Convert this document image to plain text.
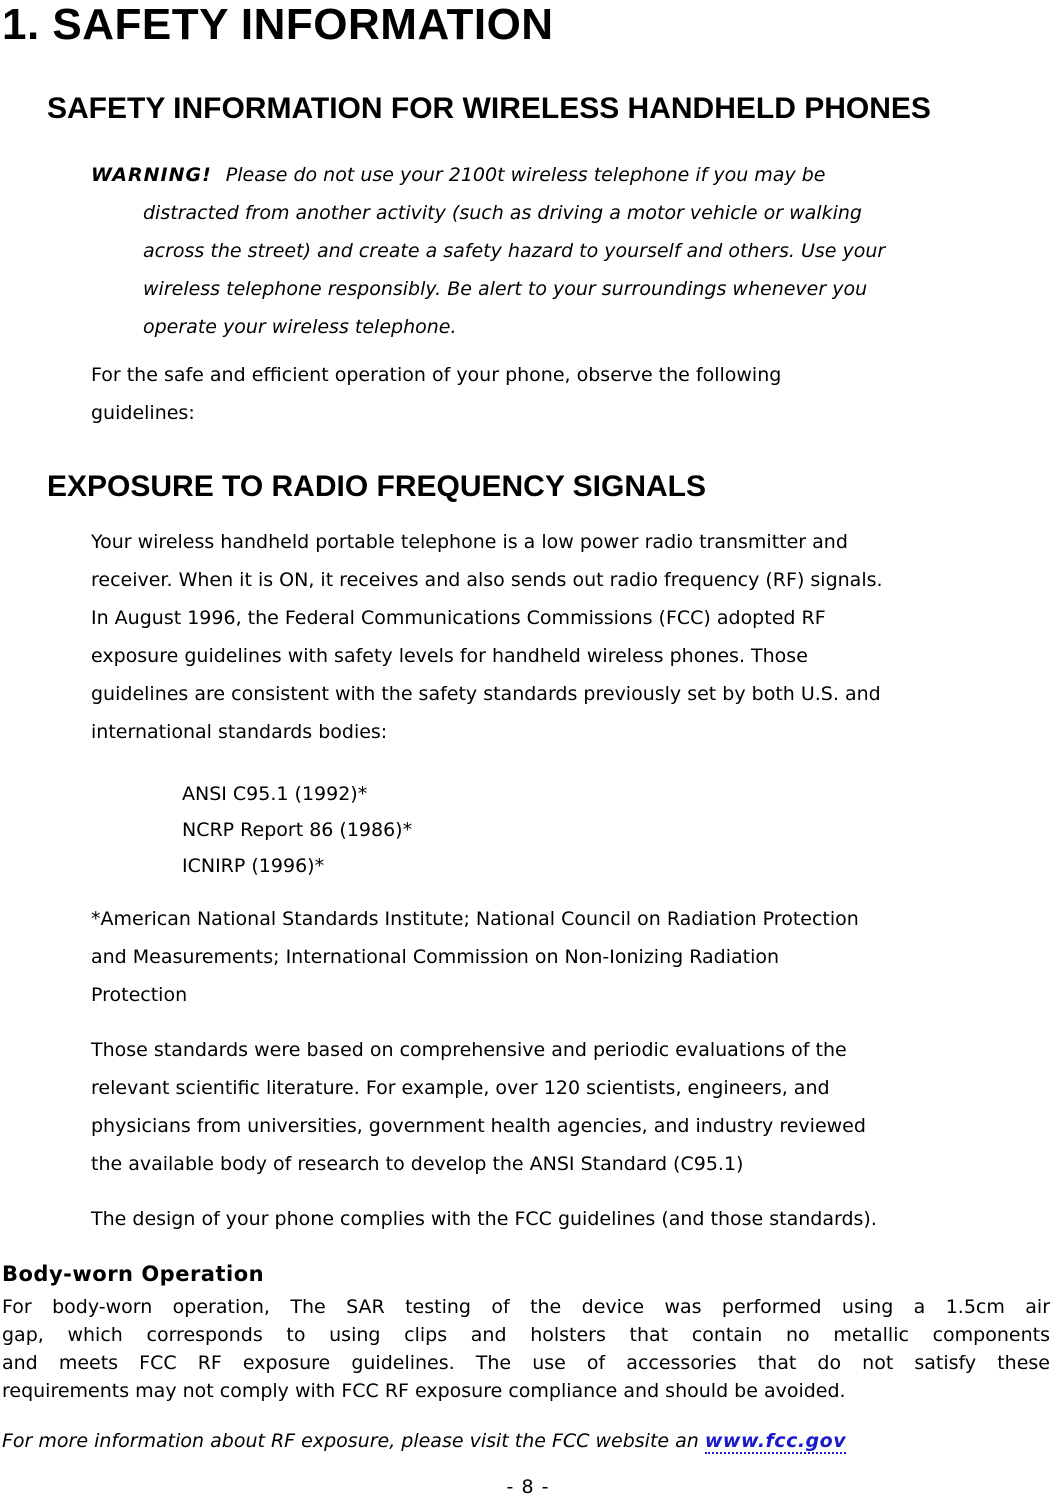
1. SAFETY INFORMATION
SAFETY INFORMATION FOR WIRELESS HANDHELD PHONES
WARNING! Please do not use your 2100t wireless telephone if you may be
distracted from another activity (such as driving a motor vehicle or walking
across the street) and create a safety hazard to yourself and others. Use your
wireless telephone responsibly. Be alert to your surroundings whenever you
operate your wireless telephone.
For the safe and efficient operation of your phone, observe the following
guidelines:
EXPOSURE TO RADIO FREQUENCY SIGNALS
Your wireless handheld portable telephone is a low power radio transmitter and
receiver. When it is ON, it receives and also sends out radio frequency (RF) signals.
In August 1996, the Federal Communications Commissions (FCC) adopted RF
exposure guidelines with safety levels for handheld wireless phones. Those
guidelines are consistent with the safety standards previously set by both U.S. and
international standards bodies:
ANSI C95.1 (1992)*
NCRP Report 86 (1986)*
ICNIRP (1996)*
*American National Standards Institute; National Council on Radiation Protection
and Measurements; International Commission on Non-Ionizing Radiation
Protection
Those standards were based on comprehensive and periodic evaluations of the
relevant scientific literature. For example, over 120 scientists, engineers, and
physicians from universities, government health agencies, and industry reviewed
the available body of research to develop the ANSI Standard (C95.1)
The design of your phone complies with the FCC guidelines (and those standards).
Body-worn Operation
For body-worn operation, The SAR testing of the device was performed using a 1.5cm air
gap, which corresponds to using clips and holsters that contain no metallic components
and meets FCC RF exposure guidelines. The use of accessories that do not satisfy these
requirements may not comply with FCC RF exposure compliance and should be avoided.
For more information about RF exposure, please visit the FCC website an www.fcc.gov
- 8 -
